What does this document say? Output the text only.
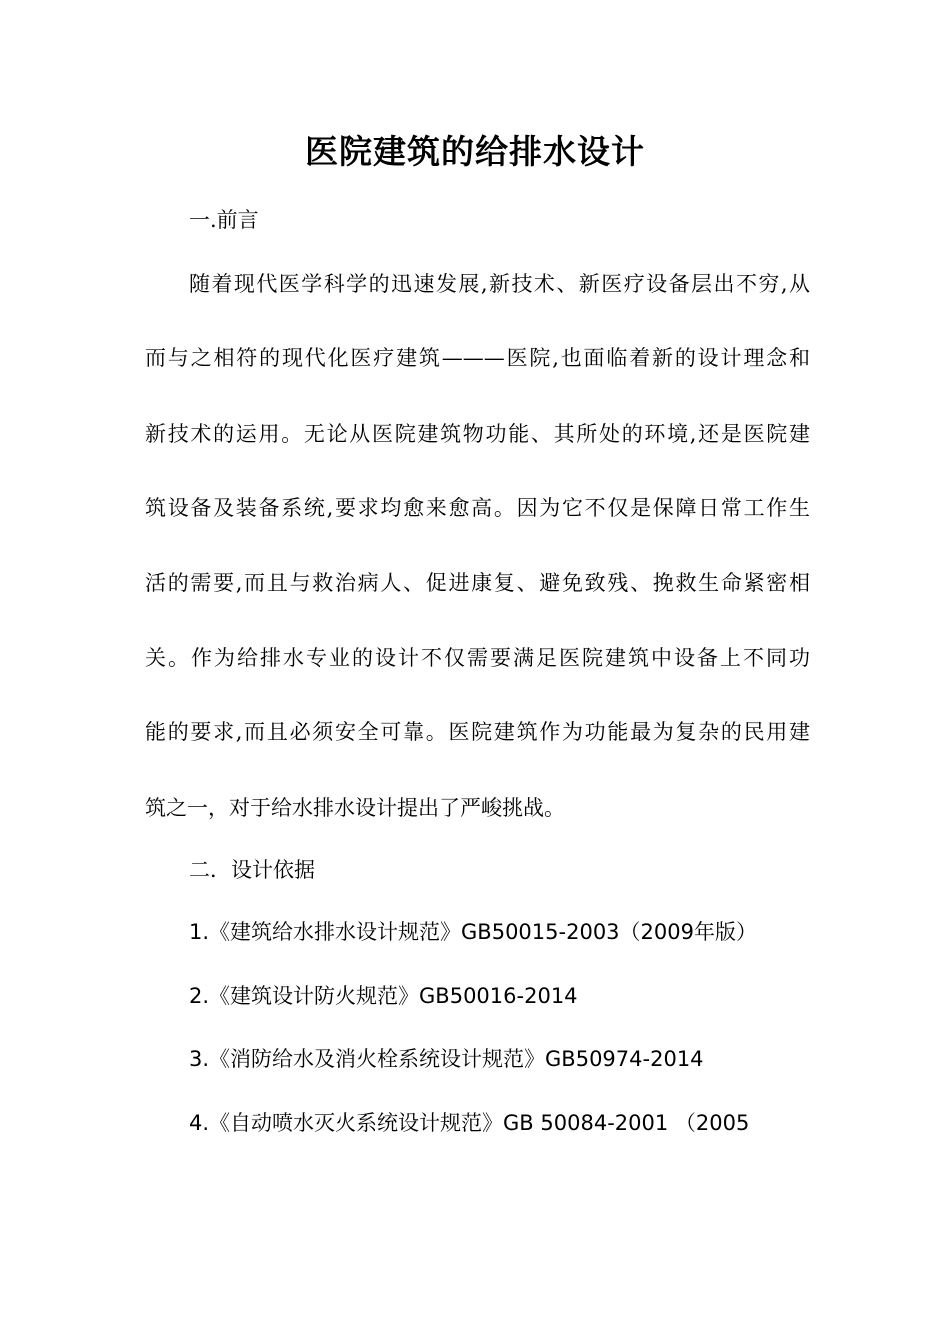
医院建筑的给排水设计
一.前言
随着现代医学科学的迅速发展,新技术、新医疗设备层出不穷,从
而与之相符的现代化医疗建筑———医院,也面临着新的设计理念和
新技术的运用。无论从医院建筑物功能、其所处的环境,还是医院建
筑设备及装备系统,要求均愈来愈高。因为它不仅是保障日常工作生
活的需要,而且与救治病人、促进康复、避免致残、挽救生命紧密相
关。作为给排水专业的设计不仅需要满足医院建筑中设备上不同功
能的要求,而且必须安全可靠。医院建筑作为功能最为复杂的民用建
筑之一，对于给水排水设计提出了严峻挑战。
二．设计依据
1.《建筑给水排水设计规范》GB50015-2003（2009年版）
2.《建筑设计防火规范》GB50016-2014
3.《消防给水及消火栓系统设计规范》GB50974-2014
4.《自动喷水灭火系统设计规范》GB 50084-2001 （2005
